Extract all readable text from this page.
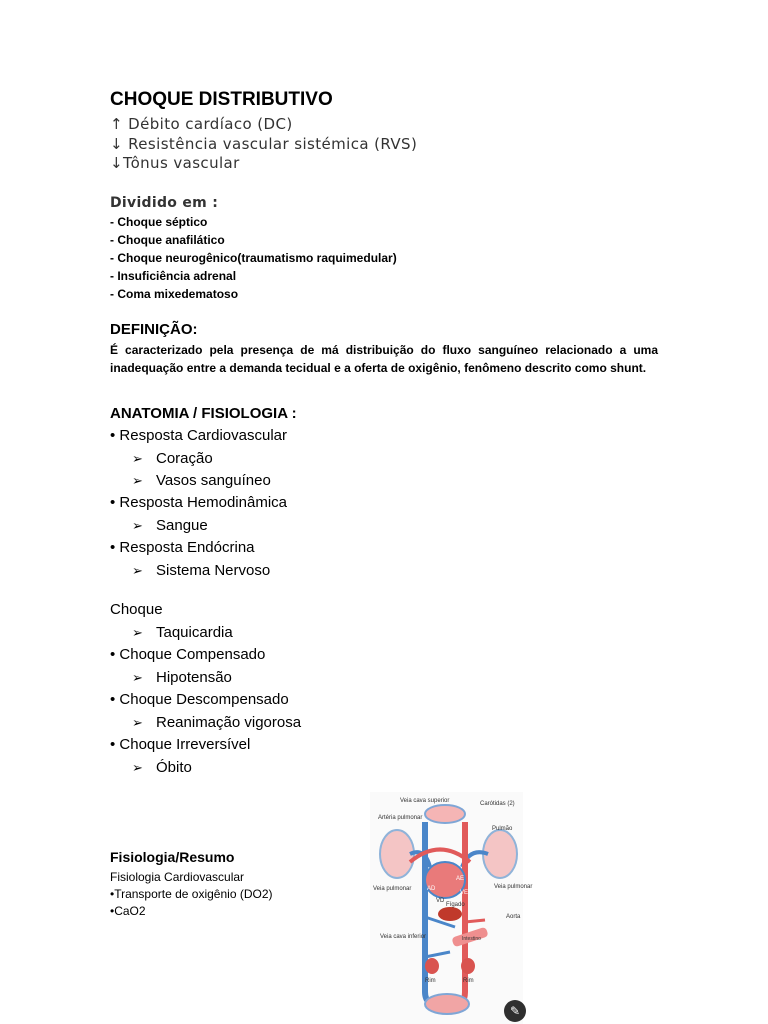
CHOQUE DISTRIBUTIVO
↑ Débito cardíaco (DC)
↓ Resistência vascular sistémica (RVS)
↓Tônus vascular
Dividido em :
- Choque séptico
- Choque anafilático
- Choque neurogênico(traumatismo raquimedular)
- Insuficiência adrenal
- Coma mixedematoso
DEFINIÇÃO:
É caracterizado pela presença de má distribuição do fluxo sanguíneo relacionado a uma inadequação entre a demanda tecidual e a oferta de oxigênio, fenômeno descrito como shunt.
ANATOMIA / FISIOLOGIA :
• Resposta Cardiovascular
➢ Coração
➢ Vasos sanguíneo
• Resposta Hemodinâmica
➢ Sangue
• Resposta Endócrina
➢ Sistema Nervoso
Choque
➢ Taquicardia
• Choque Compensado
➢ Hipotensão
• Choque Descompensado
➢ Reanimação vigorosa
• Choque Irreversível
➢ Óbito
Fisiologia/Resumo
Fisiologia Cardiovascular
•Transporte de oxigênio (DO2)
•CaO2
Carótidas (2)
Veia cava superior
Artéria pulmonar
Pulmão
Veia pulmonar	Veia pulmonar
AD
AE
VE
VD
Fígado
Aorta
Intestino
Veia cava inferior
Rim	Rim
✎
